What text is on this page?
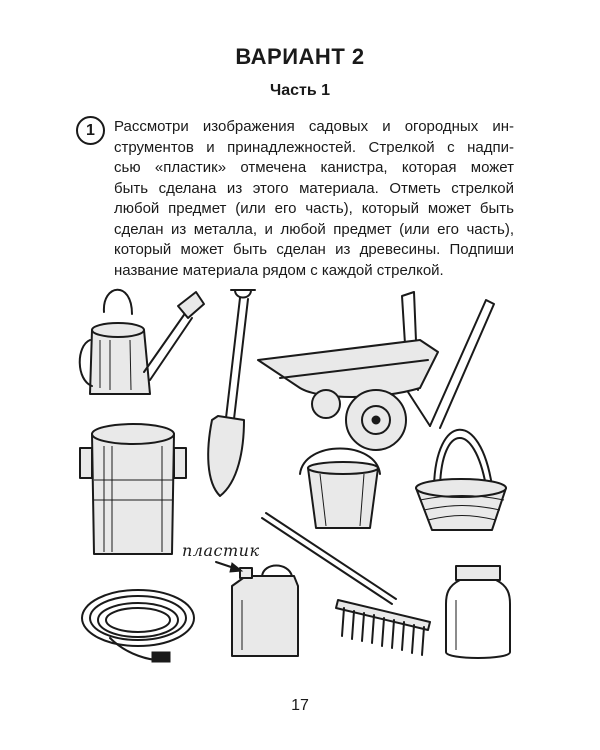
ВАРИАНТ 2
Часть 1
1	Рассмотри изображения садовых и огородных ин-
струментов и принадлежностей. Стрелкой с надпи-
сью «пластик» отмечена канистра, которая может
быть сделана из этого материала. Отметь стрелкой
любой предмет (или его часть), который может быть
сделан из металла, и любой предмет (или его часть),
который может быть сделан из древесины. Подпиши
название материала рядом с каждой стрелкой.
пластик
17
